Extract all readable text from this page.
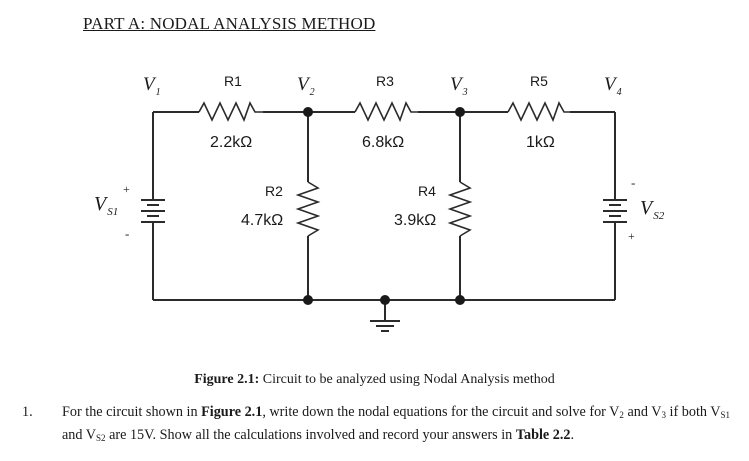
PART A: NODAL ANALYSIS METHOD
$V_1$	$V_2$	$V_3$	$V_4$
R1
2.2kΩ
R3
6.8kΩ
R5
1kΩ
R2
4.7kΩ
R4
3.9kΩ
$V_{S1}$
+
-
$V_{S2}$
+
-
Figure 2.1: Circuit to be analyzed using Nodal Analysis method
1. For the circuit shown in Figure 2.1, write down the nodal equations for the circuit and solve for $V_2$ and $V_3$ if both $V_{S1}$ and $V_{S2}$ are 15V. Show all the calculations involved and record your answers in Table 2.2.
